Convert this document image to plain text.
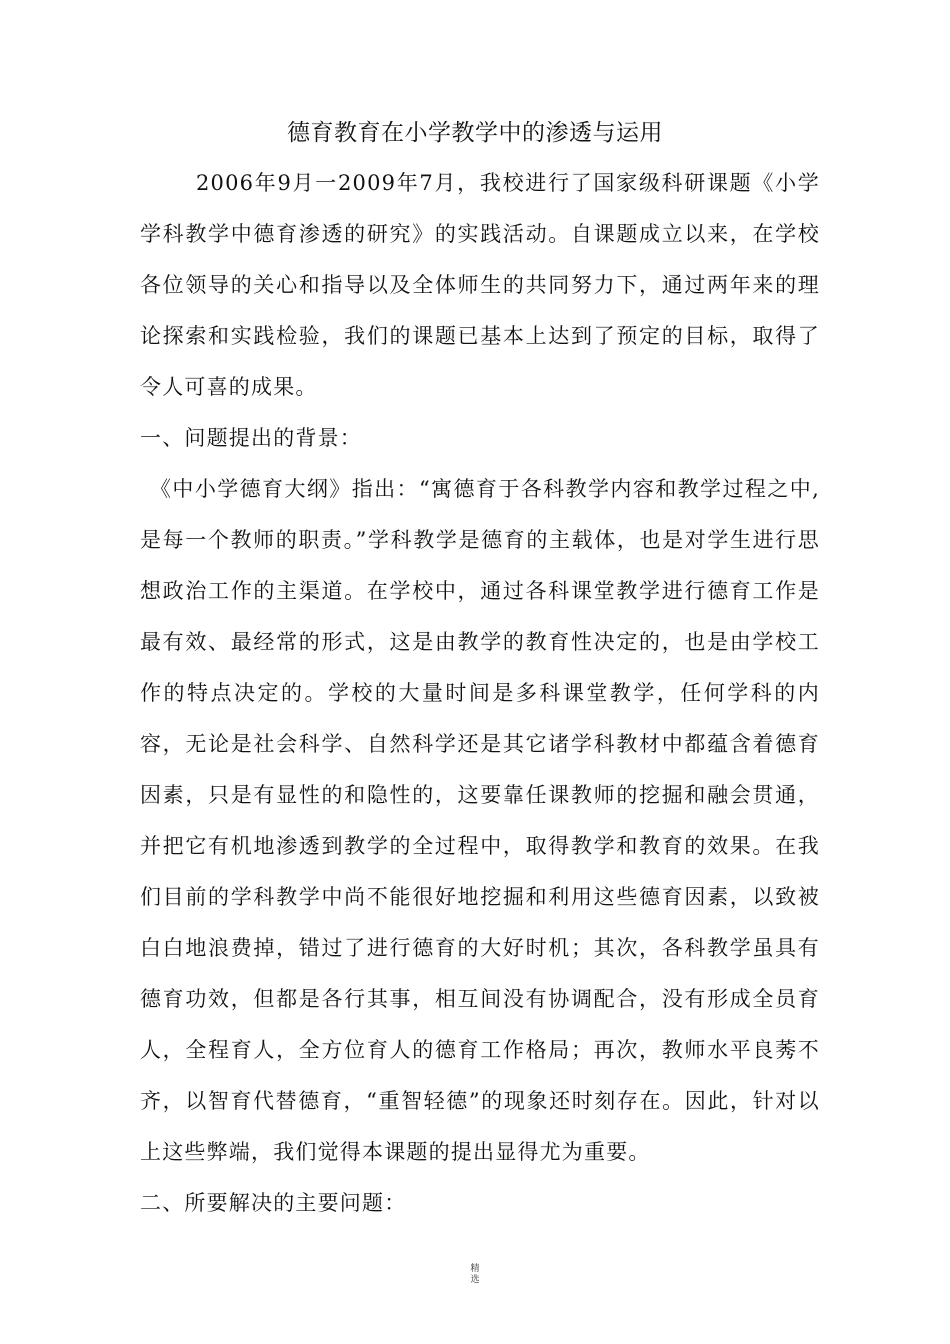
德育教育在小学教学中的渗透与运用

2006年9月一2009年7月，我校进行了国家级科研课题《小学学科教学中德育渗透的研究》的实践活动。自课题成立以来，在学校各位领导的关心和指导以及全体师生的共同努力下，通过两年来的理论探索和实践检验，我们的课题已基本上达到了预定的目标，取得了令人可喜的成果。

一、问题提出的背景：

《中小学德育大纲》指出：“寓德育于各科教学内容和教学过程之中,是每一个教师的职责。”学科教学是德育的主载体，也是对学生进行思想政治工作的主渠道。在学校中，通过各科课堂教学进行德育工作是最有效、最经常的形式，这是由教学的教育性决定的，也是由学校工作的特点决定的。学校的大量时间是多科课堂教学，任何学科的内容，无论是社会科学、自然科学还是其它诸学科教材中都蕴含着德育因素，只是有显性的和隐性的，这要靠任课教师的挖掘和融会贯通，并把它有机地渗透到教学的全过程中，取得教学和教育的效果。在我们目前的学科教学中尚不能很好地挖掘和利用这些德育因素，以致被白白地浪费掉，错过了进行德育的大好时机；其次，各科教学虽具有德育功效，但都是各行其事，相互间没有协调配合，没有形成全员育人，全程育人，全方位育人的德育工作格局；再次，教师水平良莠不齐，以智育代替德育，“重智轻德”的现象还时刻存在。因此，针对以上这些弊端，我们觉得本课题的提出显得尤为重要。

二、所要解决的主要问题：

精
选
